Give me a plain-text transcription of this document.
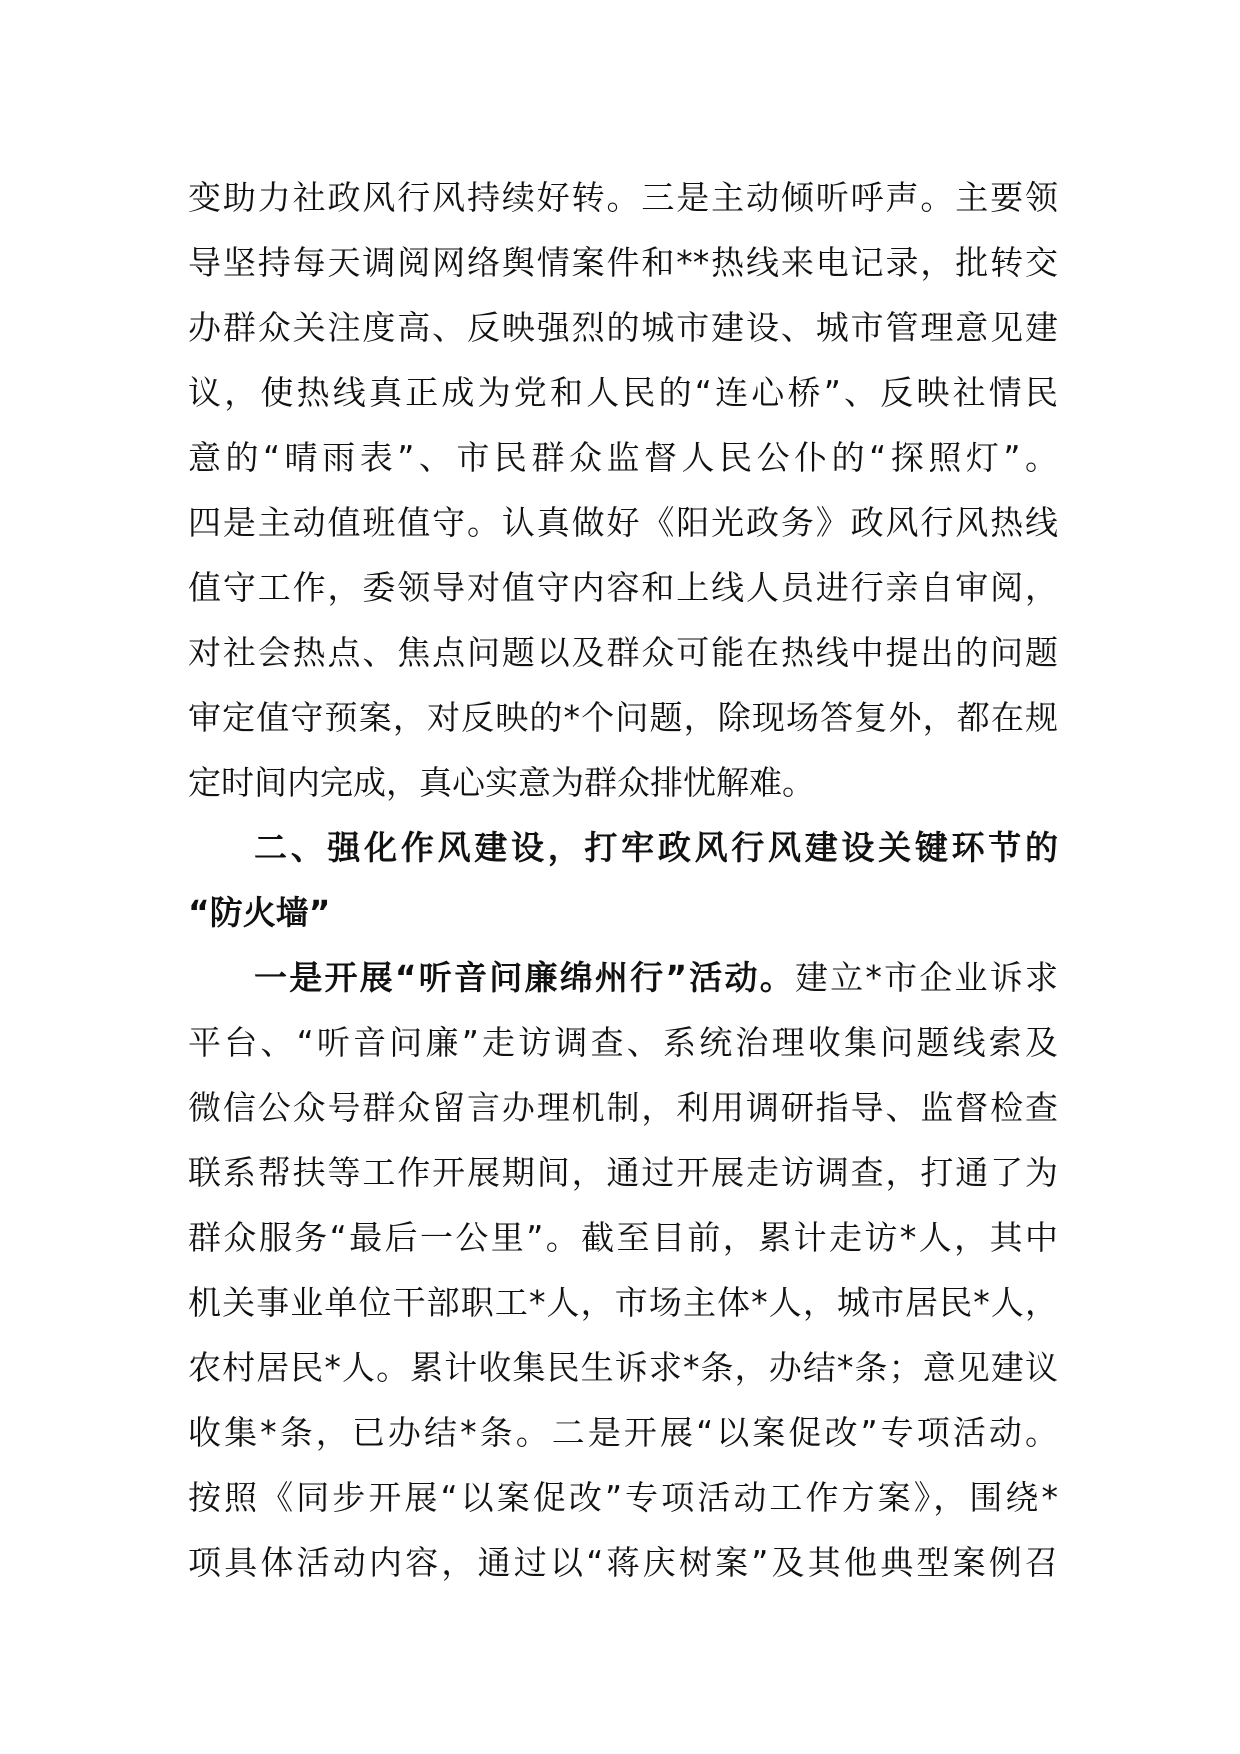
变助力社政风行风持续好转。三是主动倾听呼声。主要领
导坚持每天调阅网络舆情案件和**热线来电记录，批转交
办群众关注度高、反映强烈的城市建设、城市管理意见建
议，使热线真正成为党和人民的“连心桥”、反映社情民
意的“晴雨表”、市民群众监督人民公仆的“探照灯”。
四是主动值班值守。认真做好《阳光政务》政风行风热线
值守工作，委领导对值守内容和上线人员进行亲自审阅，
对社会热点、焦点问题以及群众可能在热线中提出的问题
审定值守预案，对反映的*个问题，除现场答复外，都在规
定时间内完成，真心实意为群众排忧解难。
二、强化作风建设，打牢政风行风建设关键环节的
“防火墙”
一是开展“听音问廉绵州行”活动。建立*市企业诉求
平台、“听音问廉”走访调查、系统治理收集问题线索及
微信公众号群众留言办理机制，利用调研指导、监督检查
联系帮扶等工作开展期间，通过开展走访调查，打通了为
群众服务“最后一公里”。截至目前，累计走访*人，其中
机关事业单位干部职工*人，市场主体*人，城市居民*人，
农村居民*人。累计收集民生诉求*条，办结*条；意见建议
收集*条，已办结*条。二是开展“以案促改”专项活动。
按照《同步开展“以案促改”专项活动工作方案》，围绕*
项具体活动内容，通过以“蒋庆树案”及其他典型案例召
